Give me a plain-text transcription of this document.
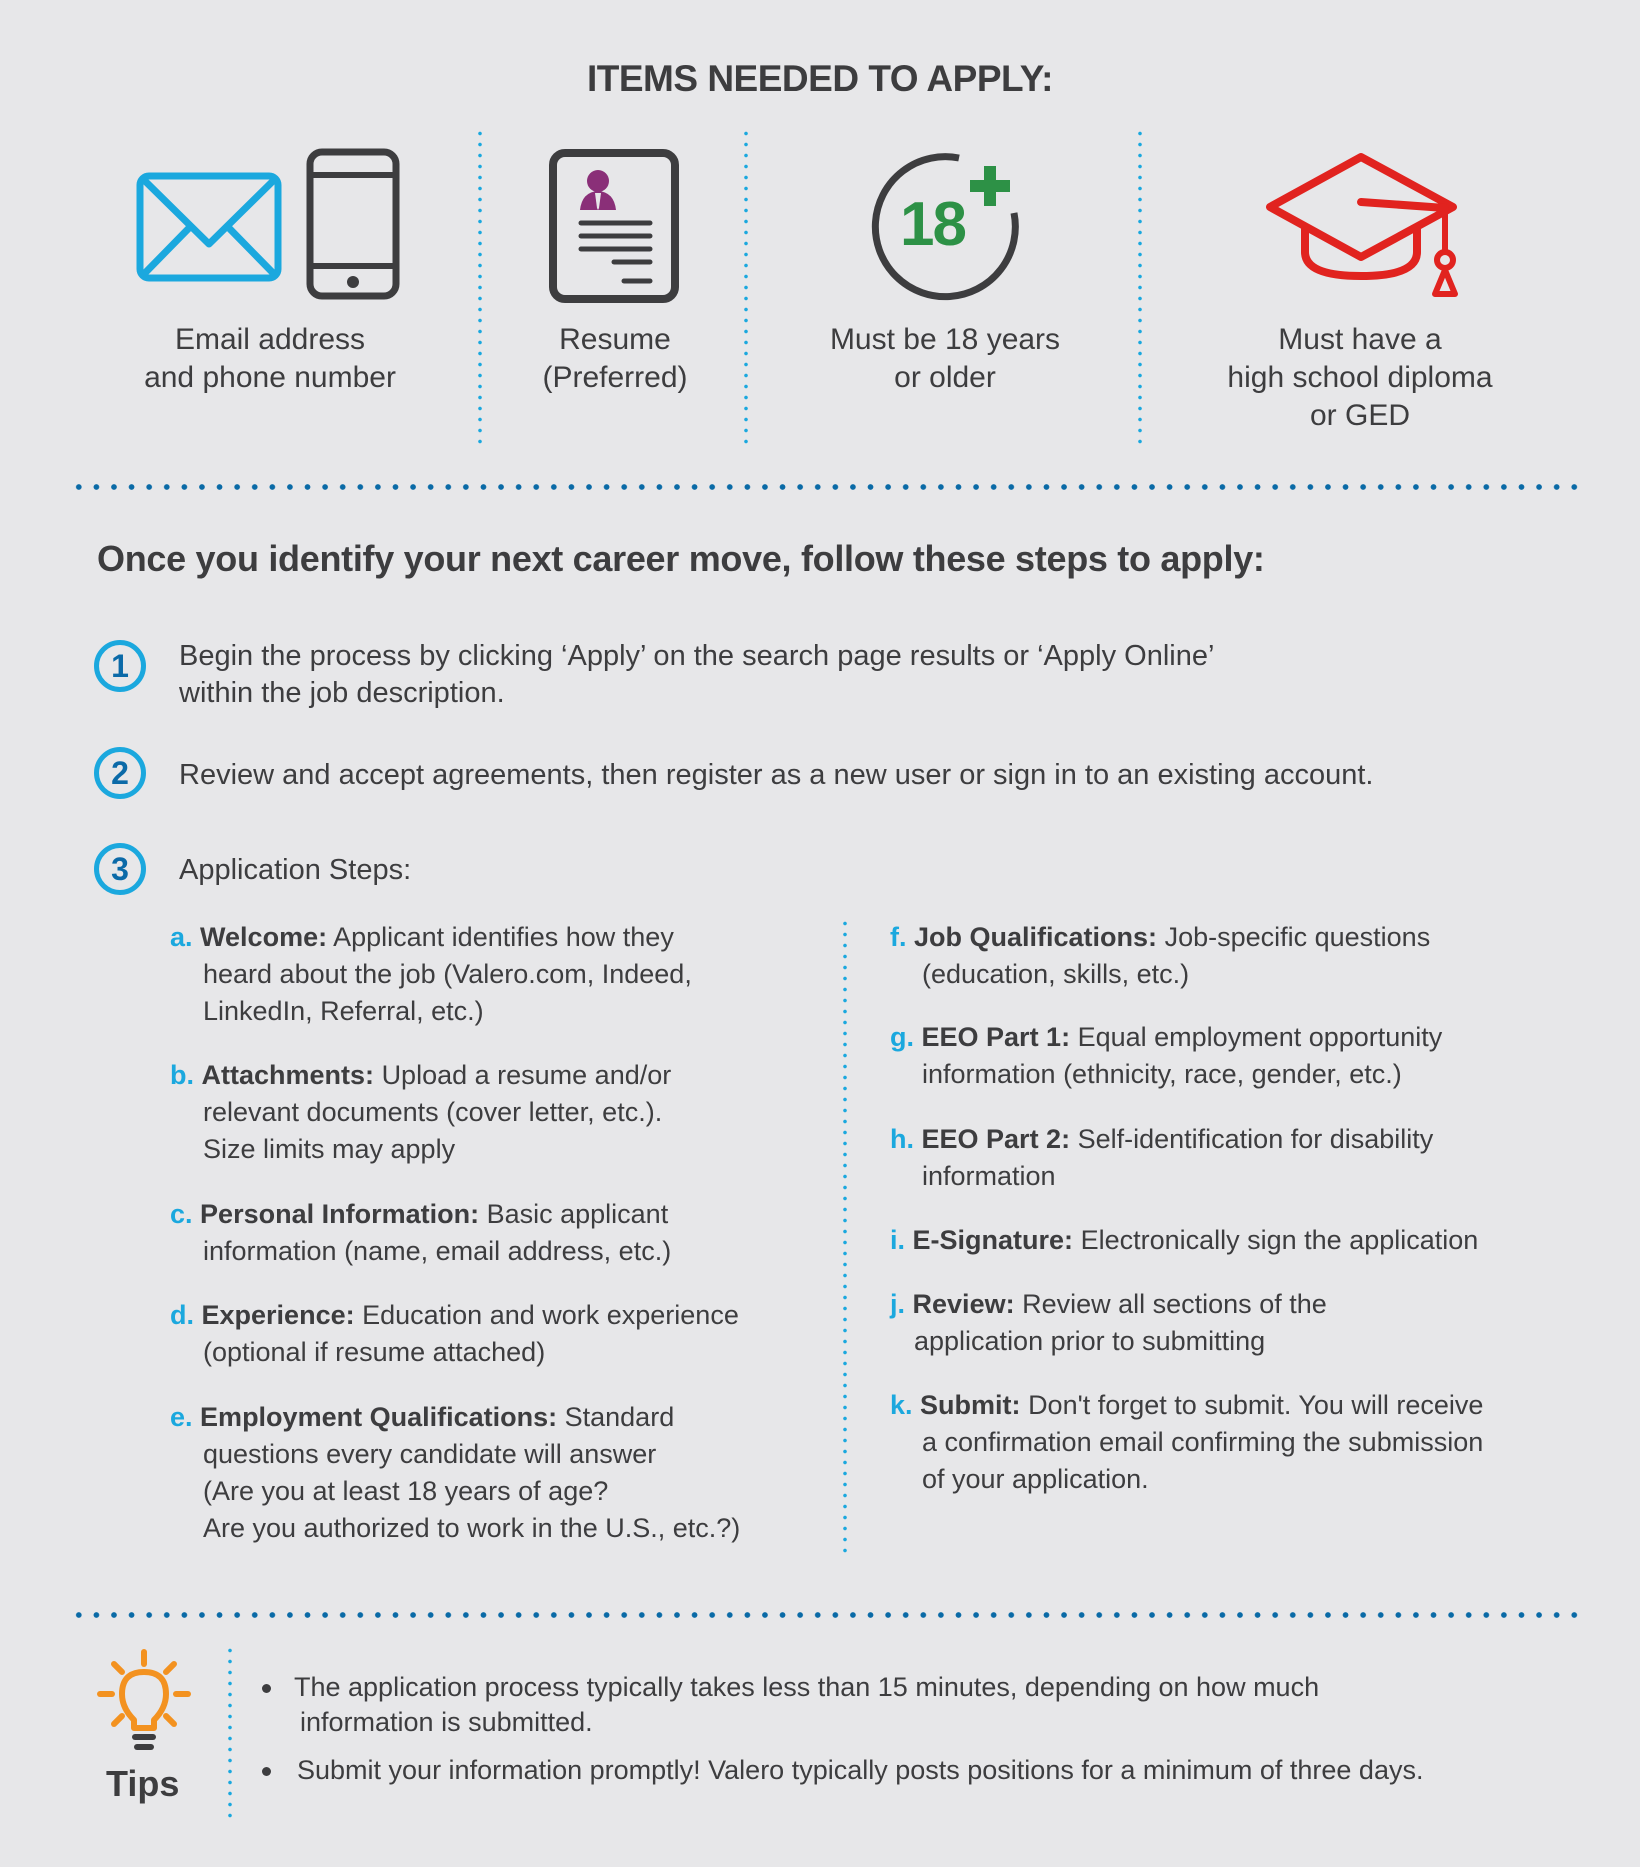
ITEMS NEEDED TO APPLY:
Email address
and phone number
Resume
(Preferred)
18
Must be 18 years
or older
Must have a
high school diploma
or GED
Once you identify your next career move, follow these steps to apply:
1	Begin the process by clicking ‘Apply’ on the search page results or ‘Apply Online’
within the job description.
2	Review and accept agreements, then register as a new user or sign in to an existing account.
3	Application Steps:
a. Welcome: Applicant identifies how they
heard about the job (Valero.com, Indeed,
LinkedIn, Referral, etc.)
b. Attachments: Upload a resume and/or
relevant documents (cover letter, etc.).
Size limits may apply
c. Personal Information: Basic applicant
information (name, email address, etc.)
d. Experience: Education and work experience
(optional if resume attached)
e. Employment Qualifications: Standard
questions every candidate will answer
(Are you at least 18 years of age?
Are you authorized to work in the U.S., etc.?)
f. Job Qualifications: Job-specific questions
(education, skills, etc.)
g. EEO Part 1: Equal employment opportunity
information (ethnicity, race, gender, etc.)
h. EEO Part 2: Self-identification for disability
information
i. E-Signature: Electronically sign the application
j. Review: Review all sections of the
application prior to submitting
k. Submit: Don't forget to submit. You will receive
a confirmation email confirming the submission
of your application.
Tips
The application process typically takes less than 15 minutes, depending on how much
information is submitted.
Submit your information promptly! Valero typically posts positions for a minimum of three days.
